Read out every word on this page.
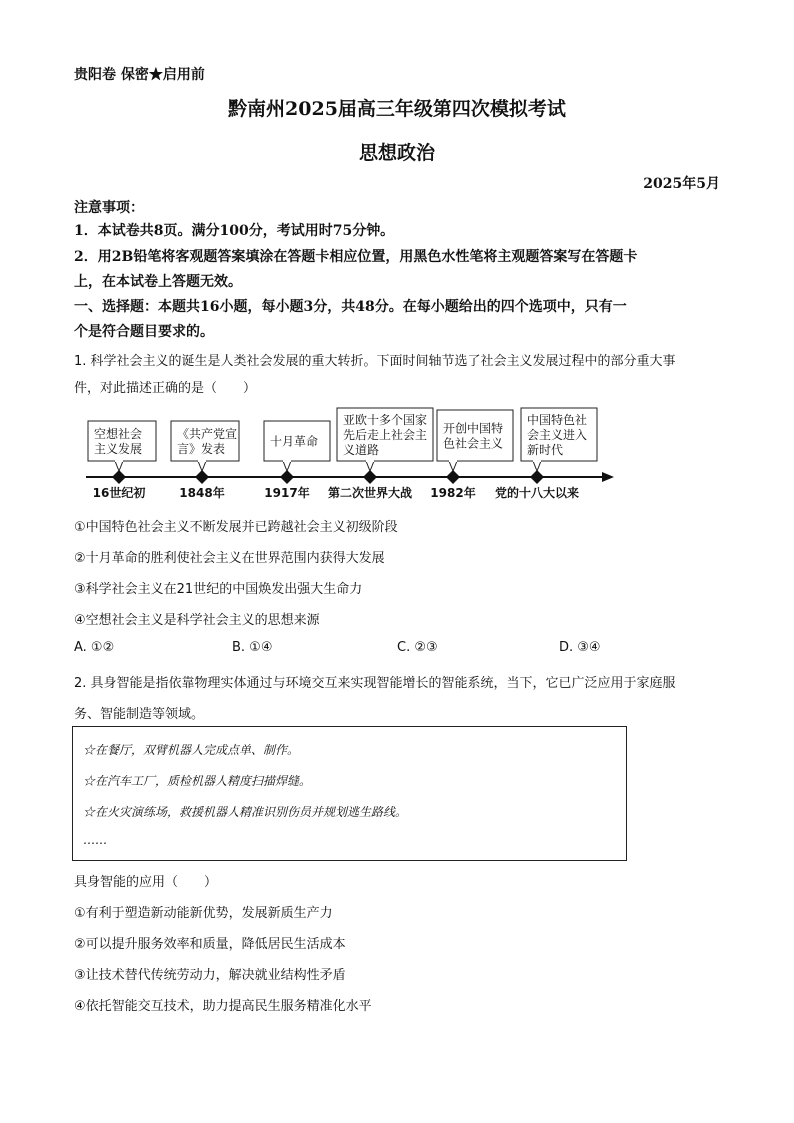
贵阳卷 保密★启用前
黔南州2025届高三年级第四次模拟考试
思想政治
2025年5月
注意事项：
1．本试卷共8页。满分100分，考试用时75分钟。
2．用2B铅笔将客观题答案填涂在答题卡相应位置，用黑色水性笔将主观题答案写在答题卡
上，在本试卷上答题无效。
一、选择题：本题共16小题，每小题3分，共48分。在每小题给出的四个选项中，只有一
个是符合题目要求的。
1. 科学社会主义的诞生是人类社会发展的重大转折。下面时间轴节选了社会主义发展过程中的部分重大事
件，对此描述正确的是（　　）
空想社会
主义发展
16世纪初
《共产党宣
言》发表
1848年
十月革命
1917年
亚欧十多个国家
先后走上社会主
义道路
第二次世界大战
开创中国特
色社会主义
1982年
中国特色社
会主义进入
新时代
党的十八大以来
①中国特色社会主义不断发展并已跨越社会主义初级阶段
②十月革命的胜利使社会主义在世界范围内获得大发展
③科学社会主义在21世纪的中国焕发出强大生命力
④空想社会主义是科学社会主义的思想来源
A. ①②	B. ①④	C. ②③	D. ③④
2. 具身智能是指依靠物理实体通过与环境交互来实现智能增长的智能系统，当下，它已广泛应用于家庭服
务、智能制造等领域。
☆在餐厅，双臂机器人完成点单、制作。
☆在汽车工厂，质检机器人精度扫描焊缝。
☆在火灾演练场，救援机器人精准识别伤员并规划逃生路线。
……
具身智能的应用（　　）
①有利于塑造新动能新优势，发展新质生产力
②可以提升服务效率和质量，降低居民生活成本
③让技术替代传统劳动力，解决就业结构性矛盾
④依托智能交互技术，助力提高民生服务精准化水平
